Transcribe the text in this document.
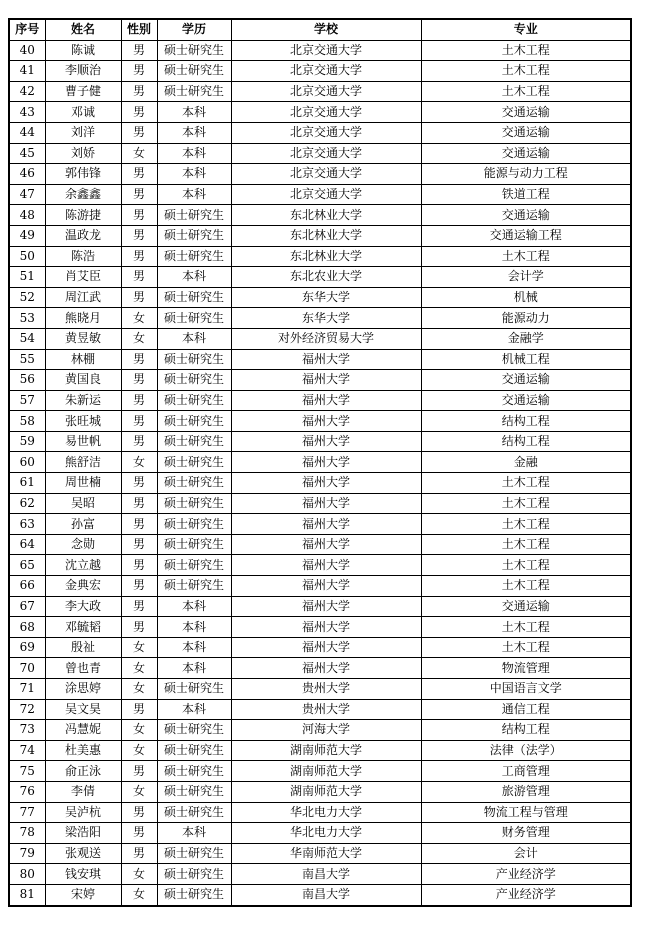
序号	姓名	性别	学历	学校	专业
40	陈诚	男	硕士研究生	北京交通大学	土木工程
41	李顺治	男	硕士研究生	北京交通大学	土木工程
42	曹子健	男	硕士研究生	北京交通大学	土木工程
43	邓诚	男	本科	北京交通大学	交通运输
44	刘洋	男	本科	北京交通大学	交通运输
45	刘娇	女	本科	北京交通大学	交通运输
46	郭伟锋	男	本科	北京交通大学	能源与动力工程
47	余鑫鑫	男	本科	北京交通大学	铁道工程
48	陈游捷	男	硕士研究生	东北林业大学	交通运输
49	温政龙	男	硕士研究生	东北林业大学	交通运输工程
50	陈浩	男	硕士研究生	东北林业大学	土木工程
51	肖艾臣	男	本科	东北农业大学	会计学
52	周江武	男	硕士研究生	东华大学	机械
53	熊晓月	女	硕士研究生	东华大学	能源动力
54	黄昱敏	女	本科	对外经济贸易大学	金融学
55	林棚	男	硕士研究生	福州大学	机械工程
56	黄国良	男	硕士研究生	福州大学	交通运输
57	朱新运	男	硕士研究生	福州大学	交通运输
58	张旺城	男	硕士研究生	福州大学	结构工程
59	易世帆	男	硕士研究生	福州大学	结构工程
60	熊舒洁	女	硕士研究生	福州大学	金融
61	周世楠	男	硕士研究生	福州大学	土木工程
62	吴昭	男	硕士研究生	福州大学	土木工程
63	孙富	男	硕士研究生	福州大学	土木工程
64	念勋	男	硕士研究生	福州大学	土木工程
65	沈立越	男	硕士研究生	福州大学	土木工程
66	金典宏	男	硕士研究生	福州大学	土木工程
67	李大政	男	本科	福州大学	交通运输
68	邓毓韬	男	本科	福州大学	土木工程
69	殷祉	女	本科	福州大学	土木工程
70	曾也青	女	本科	福州大学	物流管理
71	涂思婷	女	硕士研究生	贵州大学	中国语言文学
72	吴文昊	男	本科	贵州大学	通信工程
73	冯慧妮	女	硕士研究生	河海大学	结构工程
74	杜美惠	女	硕士研究生	湖南师范大学	法律（法学）
75	俞正泳	男	硕士研究生	湖南师范大学	工商管理
76	李倩	女	硕士研究生	湖南师范大学	旅游管理
77	吴泸杭	男	硕士研究生	华北电力大学	物流工程与管理
78	梁浩阳	男	本科	华北电力大学	财务管理
79	张观送	男	硕士研究生	华南师范大学	会计
80	钱安琪	女	硕士研究生	南昌大学	产业经济学
81	宋婷	女	硕士研究生	南昌大学	产业经济学
